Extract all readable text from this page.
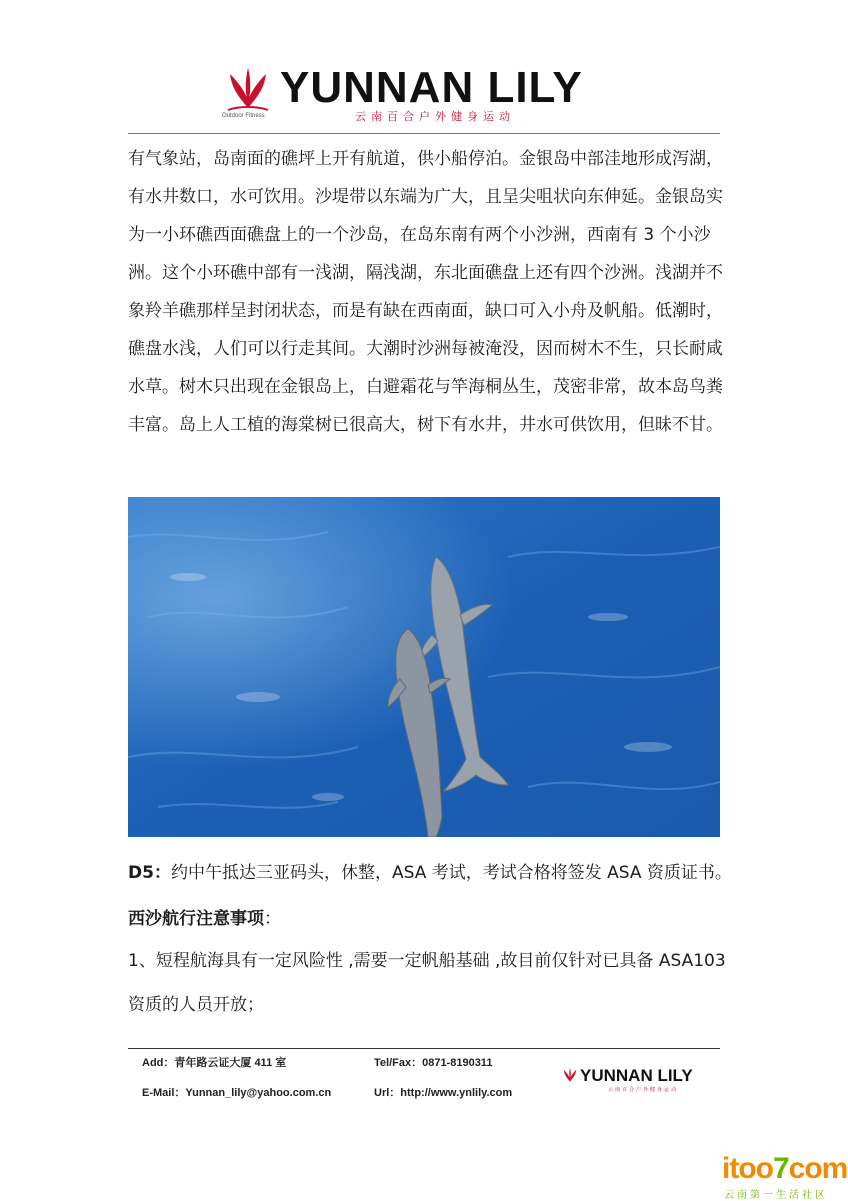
YUNNAN LILY
Outdoor Fitness	云南百合户外健身运动
有气象站，岛南面的礁坪上开有航道，供小船停泊。金银岛中部洼地形成泻湖，
有水井数口，水可饮用。沙堤带以东端为广大，且呈尖咀状向东伸延。金银岛实
为一小环礁西面礁盘上的一个沙岛，在岛东南有两个小沙洲，西南有 3 个小沙
洲。这个小环礁中部有一浅湖，隔浅湖，东北面礁盘上还有四个沙洲。浅湖并不
象羚羊礁那样呈封闭状态，而是有缺在西南面，缺口可入小舟及帆船。低潮时，
礁盘水浅，人们可以行走其间。大潮时沙洲每被淹没，因而树木不生，只长耐咸
水草。树木只出现在金银岛上，白避霜花与竿海桐丛生，茂密非常，故本岛鸟粪
丰富。岛上人工植的海棠树已很高大，树下有水井，井水可供饮用，但昧不甘。
D5：约中午抵达三亚码头，休整，ASA 考试，考试合格将签发 ASA 资质证书。
西沙航行注意事项：
1、短程航海具有一定风险性 ,需要一定帆船基础 ,故目前仅针对已具备 ASA103
资质的人员开放；
Add：青年路云证大厦 411 室	Tel/Fax：0871-8190311
E-Mail：Yunnan_lily@yahoo.com.cn	Url：http://www.ynlily.com
YUNNAN LILY
云南百合户外健身运动
itoo7com
云南第一生活社区
